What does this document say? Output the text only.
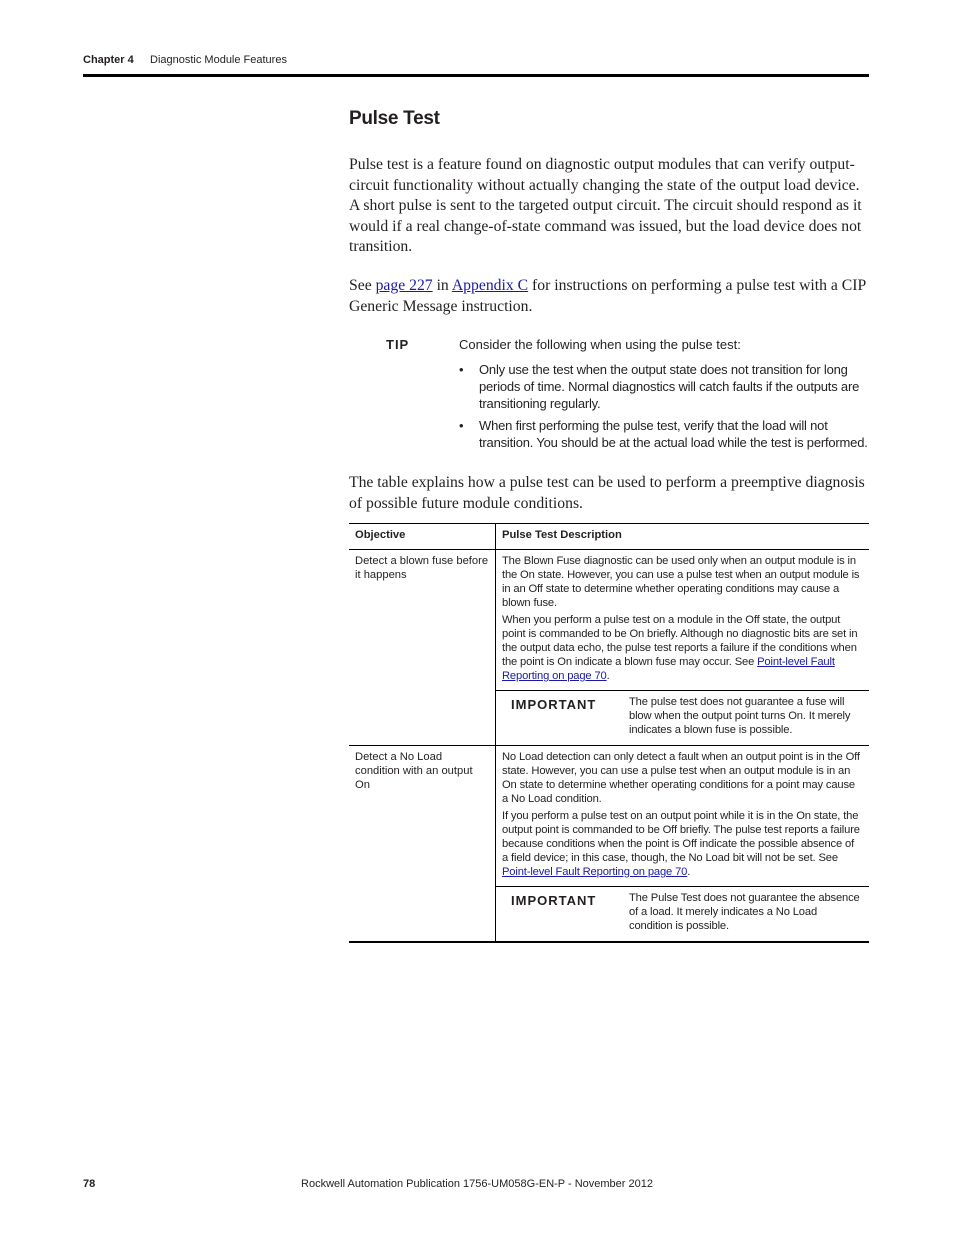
Chapter 4 Diagnostic Module Features
Pulse Test

Pulse test is a feature found on diagnostic output modules that can verify output-circuit functionality without actually changing the state of the output load device. A short pulse is sent to the targeted output circuit. The circuit should respond as it would if a real change-of-state command was issued, but the load device does not transition.

See page 227 in Appendix C for instructions on performing a pulse test with a CIP Generic Message instruction.

TIP	Consider the following when using the pulse test:
• Only use the test when the output state does not transition for long periods of time. Normal diagnostics will catch faults if the outputs are transitioning regularly.
• When first performing the pulse test, verify that the load will not transition. You should be at the actual load while the test is performed.

The table explains how a pulse test can be used to perform a preemptive diagnosis of possible future module conditions.

Objective	Pulse Test Description
Detect a blown fuse before it happens	The Blown Fuse diagnostic can be used only when an output module is in the On state. However, you can use a pulse test when an output module is in an Off state to determine whether operating conditions may cause a blown fuse.

When you perform a pulse test on a module in the Off state, the output point is commanded to be On briefly. Although no diagnostic bits are set in the output data echo, the pulse test reports a failure if the conditions when the point is On indicate a blown fuse may occur. See Point-level Fault Reporting on page 70.

	IMPORTANT The pulse test does not guarantee a fuse will blow when the output point turns On. It merely indicates a blown fuse is possible.

Detect a No Load condition with an output On	No Load detection can only detect a fault when an output point is in the Off state. However, you can use a pulse test when an output module is in an On state to determine whether operating conditions for a point may cause a No Load condition.

If you perform a pulse test on an output point while it is in the On state, the output point is commanded to be Off briefly. The pulse test reports a failure because conditions when the point is Off indicate the possible absence of a field device; in this case, though, the No Load bit will not be set. See Point-level Fault Reporting on page 70.

	IMPORTANT The Pulse Test does not guarantee the absence of a load. It merely indicates a No Load condition is possible.
Rockwell Automation Publication 1756-UM058G-EN-P - November 2012
78
